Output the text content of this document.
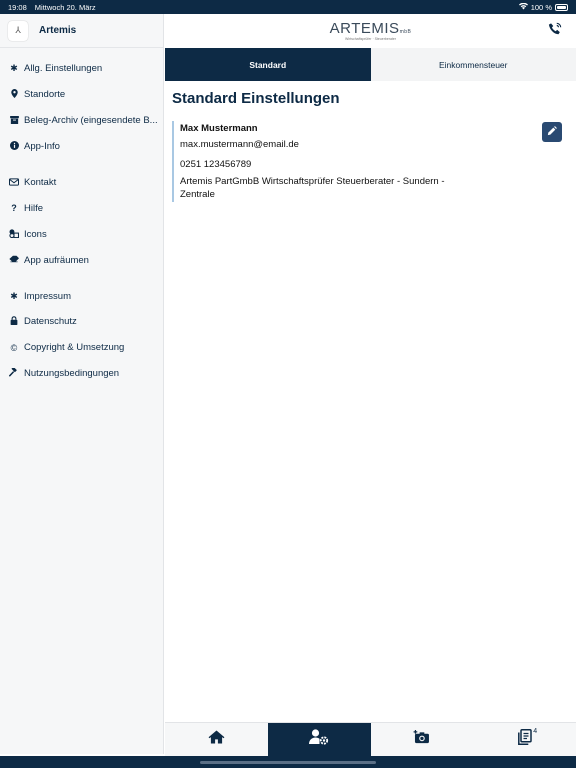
19:08 Mittwoch 20. März	100 %
⅄	Artemis
✱ Allg. Einstellungen
Standorte
Beleg-Archiv (eingesendete B...
App-Info
Kontakt
? Hilfe
Icons
App aufräumen
✱ Impressum
Datenschutz
© Copyright & Umsetzung
Nutzungsbedingungen
ARTEMISmbB
Wirtschaftsprüfer · Steuerberater
Standard	Einkommensteuer
Standard Einstellungen
Max Mustermann
max.mustermann@email.de
0251 123456789
Artemis PartGmbB Wirtschaftsprüfer Steuerberater - Sundern - Zentrale
4
